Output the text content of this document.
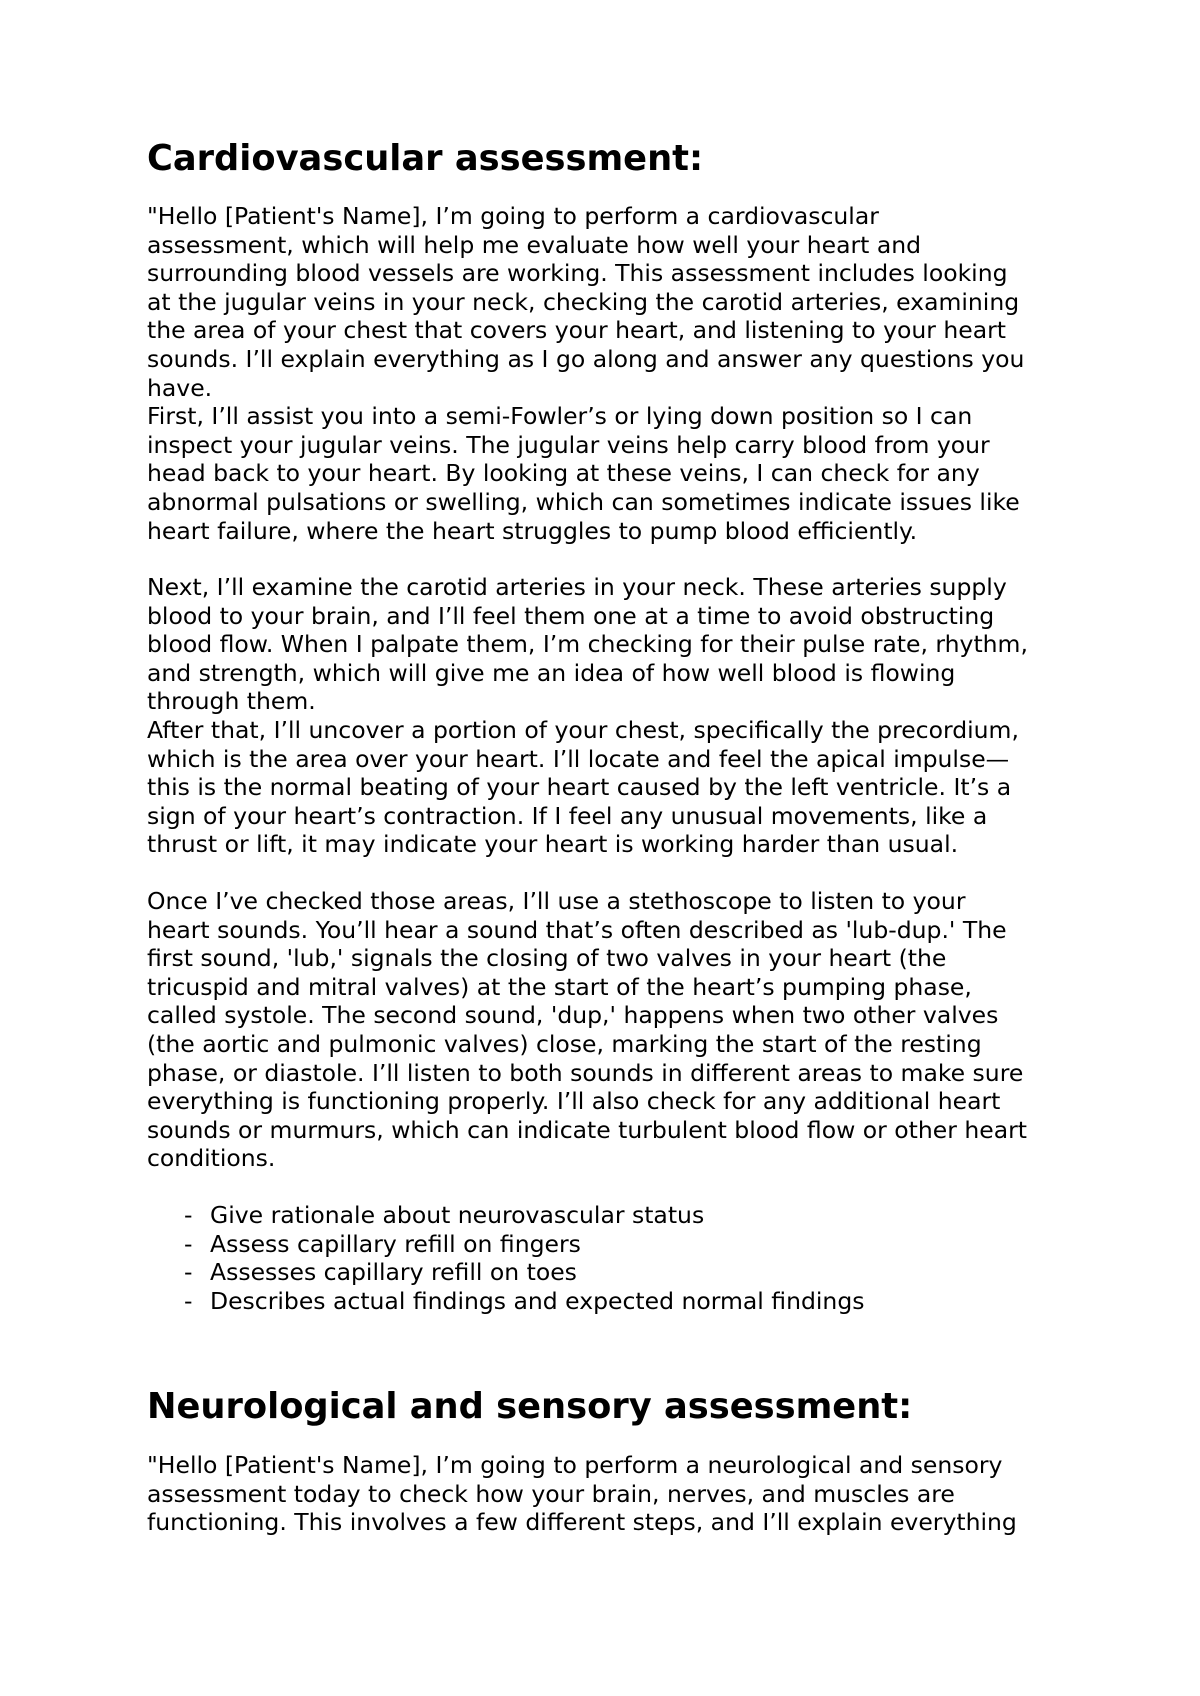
Cardiovascular assessment:

"Hello [Patient's Name], I’m going to perform a cardiovascular
assessment, which will help me evaluate how well your heart and
surrounding blood vessels are working. This assessment includes looking
at the jugular veins in your neck, checking the carotid arteries, examining
the area of your chest that covers your heart, and listening to your heart
sounds. I’ll explain everything as I go along and answer any questions you
have.
First, I’ll assist you into a semi-Fowler’s or lying down position so I can
inspect your jugular veins. The jugular veins help carry blood from your
head back to your heart. By looking at these veins, I can check for any
abnormal pulsations or swelling, which can sometimes indicate issues like
heart failure, where the heart struggles to pump blood efficiently.

Next, I’ll examine the carotid arteries in your neck. These arteries supply
blood to your brain, and I’ll feel them one at a time to avoid obstructing
blood flow. When I palpate them, I’m checking for their pulse rate, rhythm,
and strength, which will give me an idea of how well blood is flowing
through them.
After that, I’ll uncover a portion of your chest, specifically the precordium,
which is the area over your heart. I’ll locate and feel the apical impulse—
this is the normal beating of your heart caused by the left ventricle. It’s a
sign of your heart’s contraction. If I feel any unusual movements, like a
thrust or lift, it may indicate your heart is working harder than usual.

Once I’ve checked those areas, I’ll use a stethoscope to listen to your
heart sounds. You’ll hear a sound that’s often described as 'lub-dup.' The
first sound, 'lub,' signals the closing of two valves in your heart (the
tricuspid and mitral valves) at the start of the heart’s pumping phase,
called systole. The second sound, 'dup,' happens when two other valves
(the aortic and pulmonic valves) close, marking the start of the resting
phase, or diastole. I’ll listen to both sounds in different areas to make sure
everything is functioning properly. I’ll also check for any additional heart
sounds or murmurs, which can indicate turbulent blood flow or other heart
conditions.

- Give rationale about neurovascular status
- Assess capillary refill on fingers
- Assesses capillary refill on toes
- Describes actual findings and expected normal findings
Neurological and sensory assessment:

"Hello [Patient's Name], I’m going to perform a neurological and sensory
assessment today to check how your brain, nerves, and muscles are
functioning. This involves a few different steps, and I’ll explain everything
